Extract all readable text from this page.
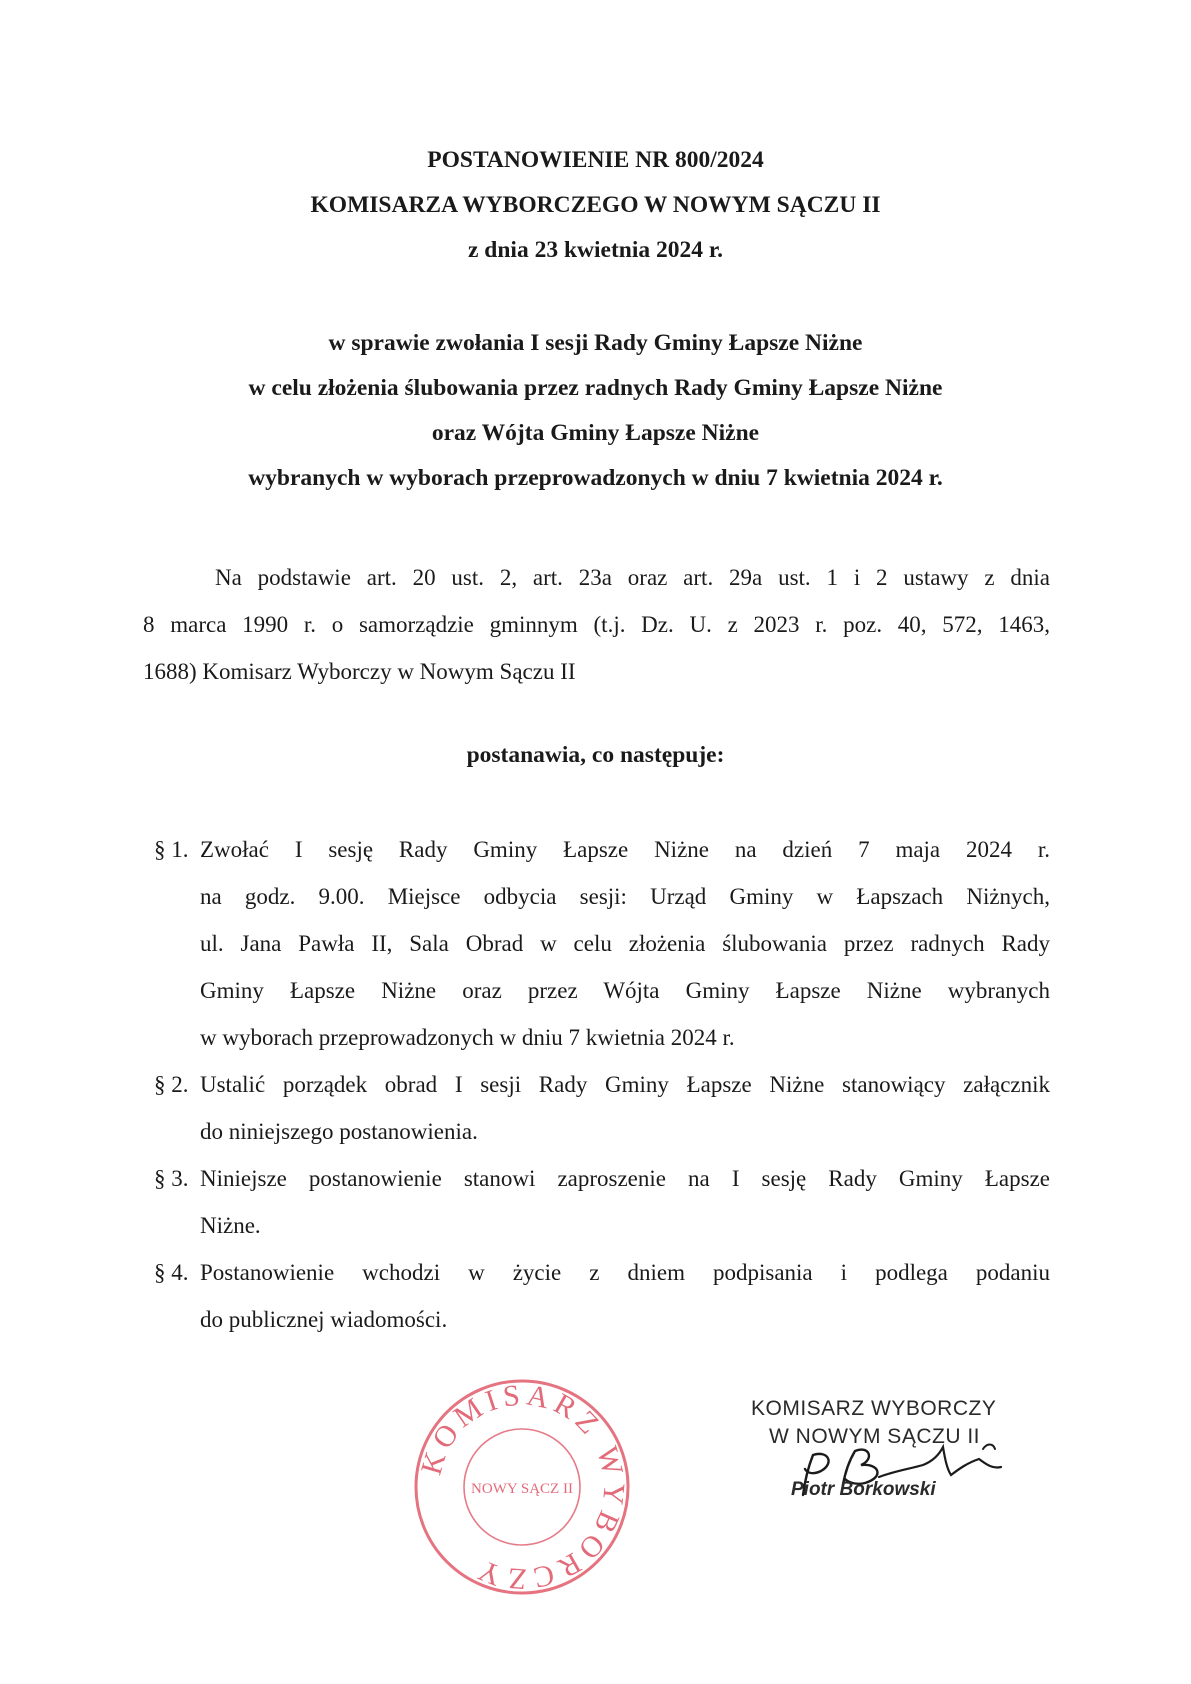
POSTANOWIENIE NR 800/2024
KOMISARZA WYBORCZEGO W NOWYM SĄCZU II
z dnia 23 kwietnia 2024 r.
w sprawie zwołania I sesji Rady Gminy Łapsze Niżne
w celu złożenia ślubowania przez radnych Rady Gminy Łapsze Niżne
oraz Wójta Gminy Łapsze Niżne
wybranych w wyborach przeprowadzonych w dniu 7 kwietnia 2024 r.
Na podstawie art. 20 ust. 2, art. 23a oraz art. 29a ust. 1 i 2 ustawy z dnia
8 marca 1990 r. o samorządzie gminnym (t.j. Dz. U. z 2023 r. poz. 40, 572, 1463,
1688) Komisarz Wyborczy w Nowym Sączu II
postanawia, co następuje:
§ 1. Zwołać I sesję Rady Gminy Łapsze Niżne na dzień 7 maja 2024 r.
na godz. 9.00. Miejsce odbycia sesji: Urząd Gminy w Łapszach Niżnych,
ul. Jana Pawła II, Sala Obrad w celu złożenia ślubowania przez radnych Rady
Gminy Łapsze Niżne oraz przez Wójta Gminy Łapsze Niżne wybranych
w wyborach przeprowadzonych w dniu 7 kwietnia 2024 r.
§ 2. Ustalić porządek obrad I sesji Rady Gminy Łapsze Niżne stanowiący załącznik
do niniejszego postanowienia.
§ 3. Niniejsze postanowienie stanowi zaproszenie na I sesję Rady Gminy Łapsze
Niżne.
§ 4. Postanowienie wchodzi w życie z dniem podpisania i podlega podaniu
do publicznej wiadomości.
KOMISARZ WYBORCZY
NOWY SĄCZ II
KOMISARZ WYBORCZY
W NOWYM SĄCZU II
Piotr Borkowski
